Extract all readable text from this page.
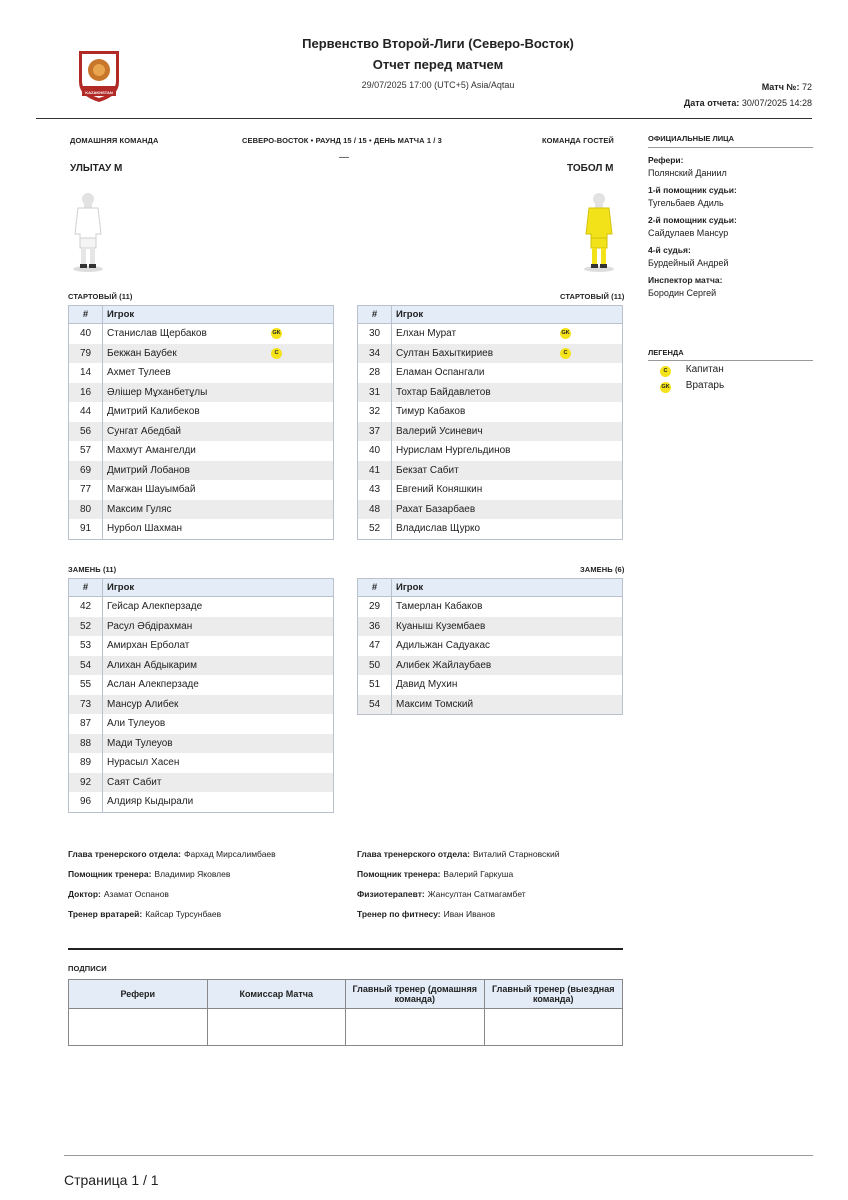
KAZAKHSTAN
Первенство Второй-Лиги (Северо-Восток)
Отчет перед матчем
29/07/2025 17:00 (UTC+5) Asia/Aqtau	Матч №: 72
Дата отчета: 30/07/2025 14:28
ДОМАШНЯЯ КОМАНДА	СЕВЕРО-ВОСТОК • РАУНД 15 / 15 • ДЕНЬ МАТЧА 1 / 3	КОМАНДА ГОСТЕЙ
—
УЛЫТАУ М	ТОБОЛ М
СТАРТОВЫЙ (11)	СТАРТОВЫЙ (11)
#	Игрок
40	Станислав Щербаков GK

79	Бекжан Баубек C

14	Ахмет Тулеев
16	Әлішер Мұханбетұлы
44	Дмитрий Калибеков
56	Сунгат Абедбай
57	Махмут Амангелди
69	Дмитрий Лобанов
77	Мағжан Шауымбай
80	Максим Гуляс
91	Нурбол Шахман
#	Игрок
30	Елхан Мурат GK

34	Султан Бахыткириев C

28	Еламан Оспангали
31	Тохтар Байдавлетов
32	Тимур Кабаков
37	Валерий Усиневич
40	Нурислам Нургельдинов
41	Бекзат Сабит
43	Евгений Коняшкин
48	Рахат Базарбаев
52	Владислав Щурко
ЗАМЕНЬ (11)	ЗАМЕНЬ (6)
#	Игрок
42	Гейсар Алекперзаде
52	Расул Әбдірахман
53	Амирхан Ерболат
54	Алихан Абдыкарим
55	Аслан Алекперзаде
73	Мансур Алибек
87	Али Тулеуов
88	Мади Тулеуов
89	Нурасыл Хасен
92	Саят Сабит
96	Алдияр Кыдырали
#	Игрок
29	Тамерлан Кабаков
36	Куаныш Кузембаев
47	Адильжан Садуакас
50	Алибек Жайлаубаев
51	Давид Мухин
54	Максим Томский
ОФИЦИАЛЬНЫЕ ЛИЦА
Рефери:
Полянский Даниил
1-й помощник судьи:
Тугельбаев Адиль
2-й помощник судьи:
Сайдулаев Мансур
4-й судья:
Бурдейный Андрей
Инспектор матча:
Бородин Сергей
ЛЕГЕНДА
C Капитан
GK Вратарь
Глава тренерского отдела: Фархад Мирсалимбаев
Помощник тренера: Владимир Яковлев
Доктор: Азамат Оспанов
Тренер вратарей: Кайсар Турсунбаев
Глава тренерского отдела: Виталий Старновский
Помощник тренера: Валерий Гаркуша
Физиотерапевт: Жансултан Сатмагамбет
Тренер по фитнесу: Иван Иванов
ПОДПИСИ
Рефери	Комиссар Матча	Главный тренер (домашняя команда)	Главный тренер (выездная команда)

Страница 1 / 1
